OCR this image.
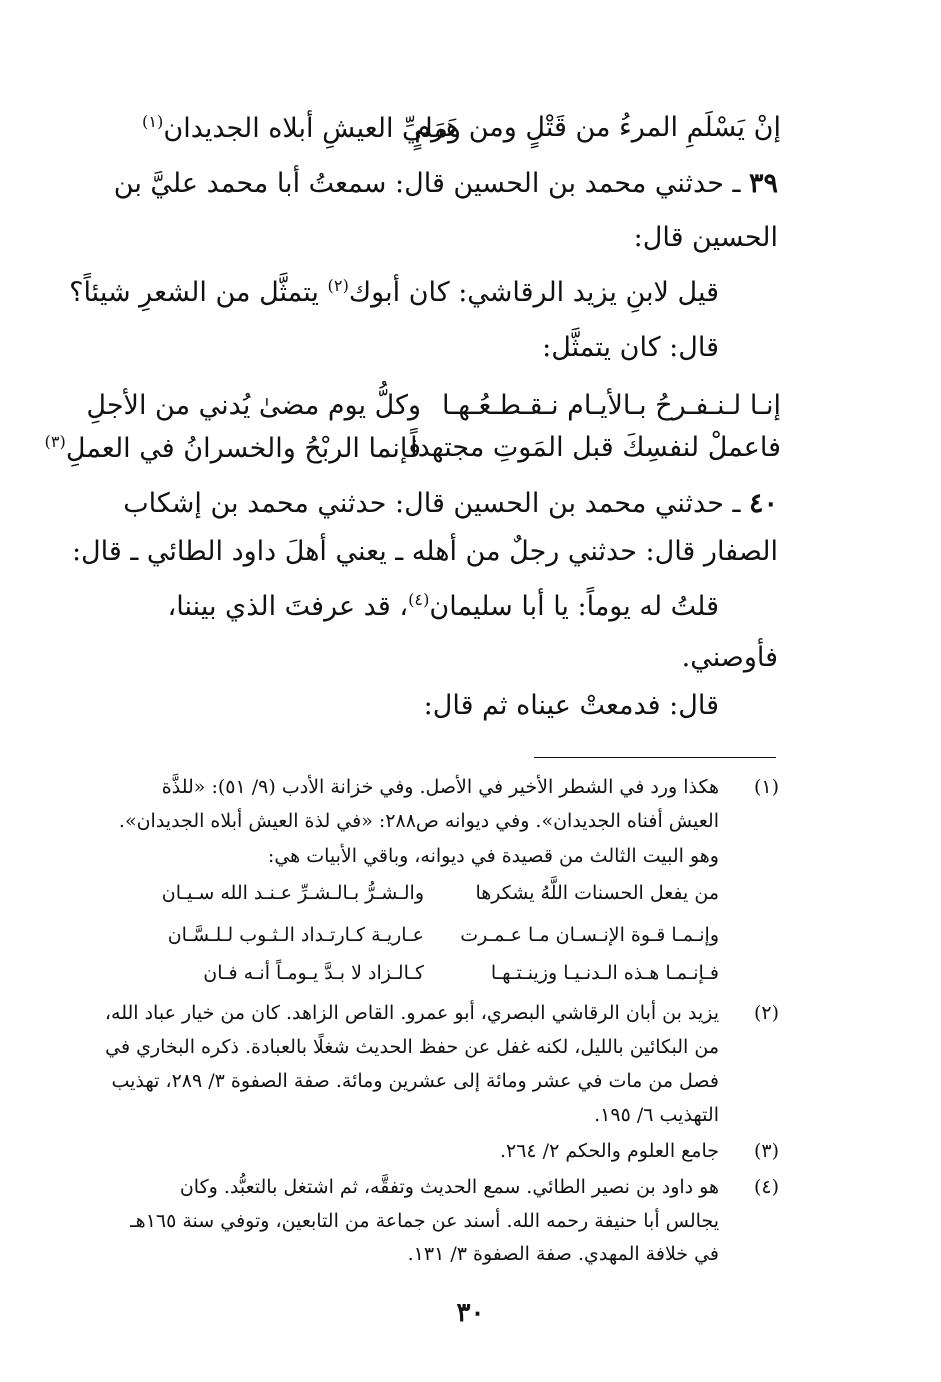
إنْ يَسْلَمِ المرءُ من قَتْلٍ ومن هَرَمٍ
ومليِّ العيشِ أبلاه الجديدان$^{(١)}$
٣٩ ـ حدثني محمد بن الحسين قال: سمعتُ أبا محمد عليَّ بن
الحسين قال:
قيل لابنِ يزيد الرقاشي: كان أبوك$^{(٢)}$ يتمثَّل من الشعرِ شيئاً؟
قال: كان يتمثَّل:
إنـا لـنـفـرحُ بـالأيـام نـقـطـعُـهـا
وكلُّ يوم مضىٰ يُدني من الأجلِ
فاعملْ لنفسِكَ قبل المَوتِ مجتهداً
فإنما الربْحُ والخسرانُ في العملِ$^{(٣)}$
٤٠ ـ حدثني محمد بن الحسين قال: حدثني محمد بن إشكاب
الصفار قال: حدثني رجلٌ من أهله ـ يعني أهلَ داود الطائي ـ قال:
قلتُ له يوماً: يا أبا سليمان$^{(٤)}$، قد عرفتَ الذي بيننا،
فأوصني.
قال: فدمعتْ عيناه ثم قال:
(١)
هكذا ورد في الشطر الأخير في الأصل. وفي خزانة الأدب (٩/ ٥١): «للذَّة
العيش أفناه الجديدان». وفي ديوانه ص٢٨٨: «في لذة العيش أبلاه الجديدان».
وهو البيت الثالث من قصيدة في ديوانه، وباقي الأبيات هي:
من يفعل الحسنات اللَّهُ يشكرها
والـشـرُّ بـالـشـرِّ عـنـد الله سـيـان
وإنـمـا قـوة الإنـسـان مـا عـمـرت
عـاريـة كـارتـداد الـثـوب لـلـسَّـان
فـإنـمـا هـذه الـدنـيـا وزينـتـهـا
كـالـزاد لا بـدَّ يـومـاً أنـه فـان
(٢)
يزيد بن أبان الرقاشي البصري، أبو عمرو. القاص الزاهد. كان من خيار عباد الله،
من البكائين بالليل، لكنه غفل عن حفظ الحديث شغلًا بالعبادة. ذكره البخاري في
فصل من مات في عشر ومائة إلى عشرين ومائة. صفة الصفوة ٣/ ٢٨٩، تهذيب
التهذيب ٦/ ١٩٥.
(٣)
جامع العلوم والحكم ٢/ ٢٦٤.
(٤)
هو داود بن نصير الطائي. سمع الحديث وتفقَّه، ثم اشتغل بالتعبُّد. وكان
يجالس أبا حنيفة رحمه الله. أسند عن جماعة من التابعين، وتوفي سنة ١٦٥هـ
في خلافة المهدي. صفة الصفوة ٣/ ١٣١.
٣٠
